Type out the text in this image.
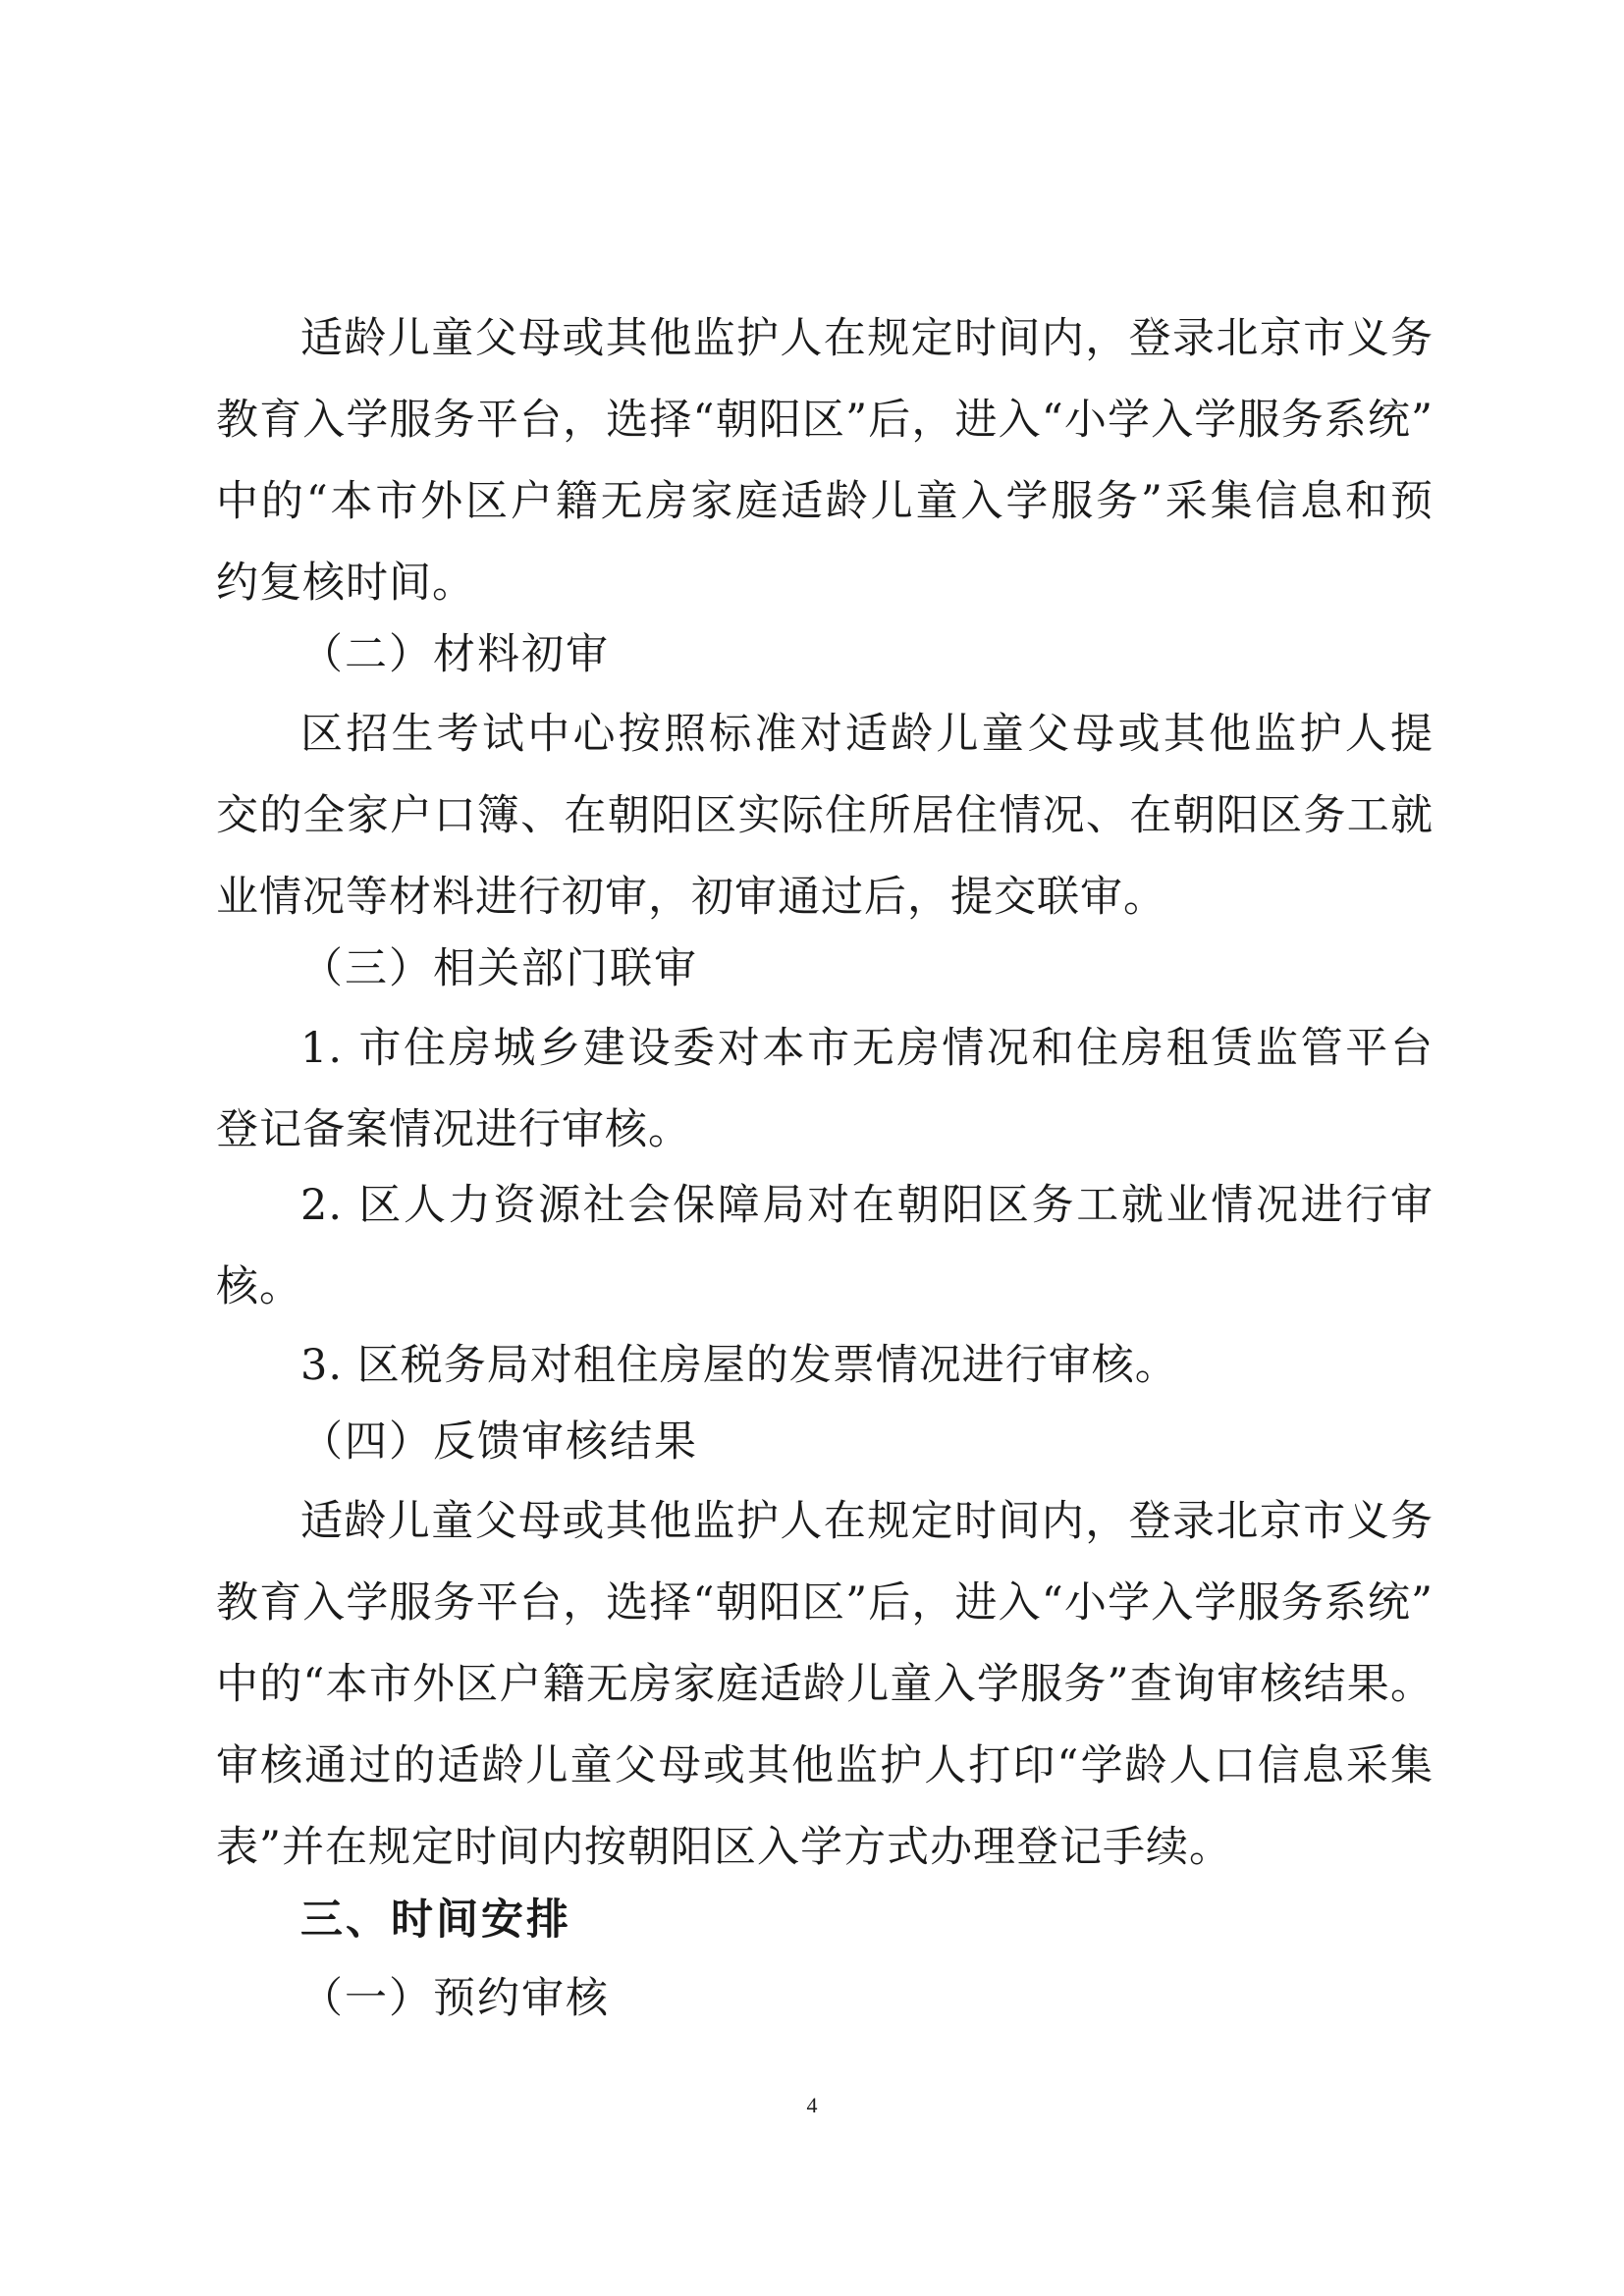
适龄儿童父母或其他监护人在规定时间内，登录北京市义务
教育入学服务平台，选择“朝阳区”后，进入“小学入学服务系统”
中的“本市外区户籍无房家庭适龄儿童入学服务”采集信息和预
约复核时间。
（二）材料初审
区招生考试中心按照标准对适龄儿童父母或其他监护人提
交的全家户口簿、在朝阳区实际住所居住情况、在朝阳区务工就
业情况等材料进行初审，初审通过后，提交联审。
（三）相关部门联审
1. 市住房城乡建设委对本市无房情况和住房租赁监管平台
登记备案情况进行审核。
2. 区人力资源社会保障局对在朝阳区务工就业情况进行审
核。
3. 区税务局对租住房屋的发票情况进行审核。
（四）反馈审核结果
适龄儿童父母或其他监护人在规定时间内，登录北京市义务
教育入学服务平台，选择“朝阳区”后，进入“小学入学服务系统”
中的“本市外区户籍无房家庭适龄儿童入学服务”查询审核结果。
审核通过的适龄儿童父母或其他监护人打印“学龄人口信息采集
表”并在规定时间内按朝阳区入学方式办理登记手续。
三、时间安排
（一）预约审核
4
